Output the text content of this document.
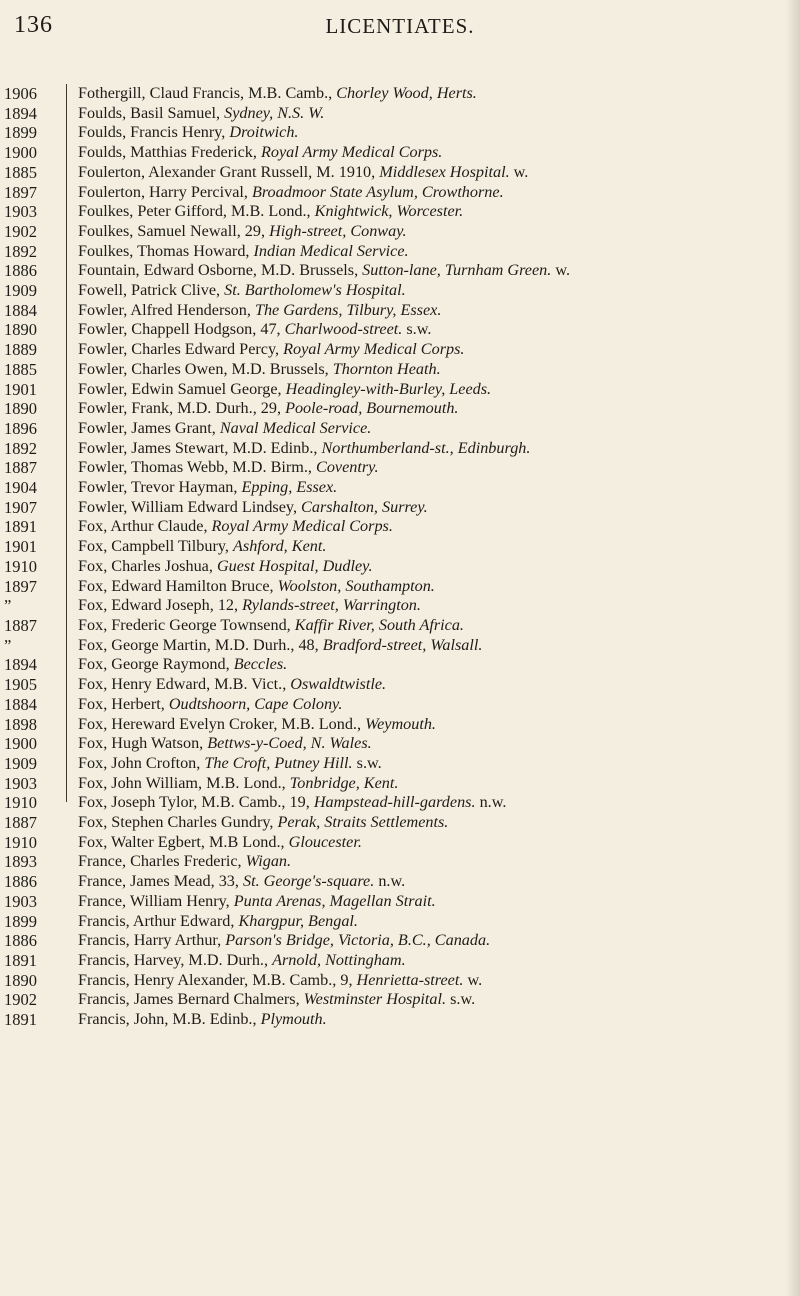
136	LICENTIATES.
1906	Fothergill, Claud Francis, M.B. Camb., Chorley Wood, Herts.
1894	Foulds, Basil Samuel, Sydney, N.S. W.
1899	Foulds, Francis Henry, Droitwich.
1900	Foulds, Matthias Frederick, Royal Army Medical Corps.
1885	Foulerton, Alexander Grant Russell, M. 1910, Middlesex Hospital. w.
1897	Foulerton, Harry Percival, Broadmoor State Asylum, Crowthorne.
1903	Foulkes, Peter Gifford, M.B. Lond., Knightwick, Worcester.
1902	Foulkes, Samuel Newall, 29, High-street, Conway.
1892	Foulkes, Thomas Howard, Indian Medical Service.
1886	Fountain, Edward Osborne, M.D. Brussels, Sutton-lane, Turnham Green. w.
1909	Fowell, Patrick Clive, St. Bartholomew's Hospital.
1884	Fowler, Alfred Henderson, The Gardens, Tilbury, Essex.
1890	Fowler, Chappell Hodgson, 47, Charlwood-street. s.w.
1889	Fowler, Charles Edward Percy, Royal Army Medical Corps.
1885	Fowler, Charles Owen, M.D. Brussels, Thornton Heath.
1901	Fowler, Edwin Samuel George, Headingley-with-Burley, Leeds.
1890	Fowler, Frank, M.D. Durh., 29, Poole-road, Bournemouth.
1896	Fowler, James Grant, Naval Medical Service.
1892	Fowler, James Stewart, M.D. Edinb., Northumberland-st., Edinburgh.
1887	Fowler, Thomas Webb, M.D. Birm., Coventry.
1904	Fowler, Trevor Hayman, Epping, Essex.
1907	Fowler, William Edward Lindsey, Carshalton, Surrey.
1891	Fox, Arthur Claude, Royal Army Medical Corps.
1901	Fox, Campbell Tilbury, Ashford, Kent.
1910	Fox, Charles Joshua, Guest Hospital, Dudley.
1897	Fox, Edward Hamilton Bruce, Woolston, Southampton.
”	Fox, Edward Joseph, 12, Rylands-street, Warrington.
1887	Fox, Frederic George Townsend, Kaffir River, South Africa.
”	Fox, George Martin, M.D. Durh., 48, Bradford-street, Walsall.
1894	Fox, George Raymond, Beccles.
1905	Fox, Henry Edward, M.B. Vict., Oswaldtwistle.
1884	Fox, Herbert, Oudtshoorn, Cape Colony.
1898	Fox, Hereward Evelyn Croker, M.B. Lond., Weymouth.
1900	Fox, Hugh Watson, Bettws-y-Coed, N. Wales.
1909	Fox, John Crofton, The Croft, Putney Hill. s.w.
1903	Fox, John William, M.B. Lond., Tonbridge, Kent.
1910	Fox, Joseph Tylor, M.B. Camb., 19, Hampstead-hill-gardens. n.w.
1887	Fox, Stephen Charles Gundry, Perak, Straits Settlements.
1910	Fox, Walter Egbert, M.B Lond., Gloucester.
1893	France, Charles Frederic, Wigan.
1886	France, James Mead, 33, St. George's-square. n.w.
1903	France, William Henry, Punta Arenas, Magellan Strait.
1899	Francis, Arthur Edward, Khargpur, Bengal.
1886	Francis, Harry Arthur, Parson's Bridge, Victoria, B.C., Canada.
1891	Francis, Harvey, M.D. Durh., Arnold, Nottingham.
1890	Francis, Henry Alexander, M.B. Camb., 9, Henrietta-street. w.
1902	Francis, James Bernard Chalmers, Westminster Hospital. s.w.
1891	Francis, John, M.B. Edinb., Plymouth.
